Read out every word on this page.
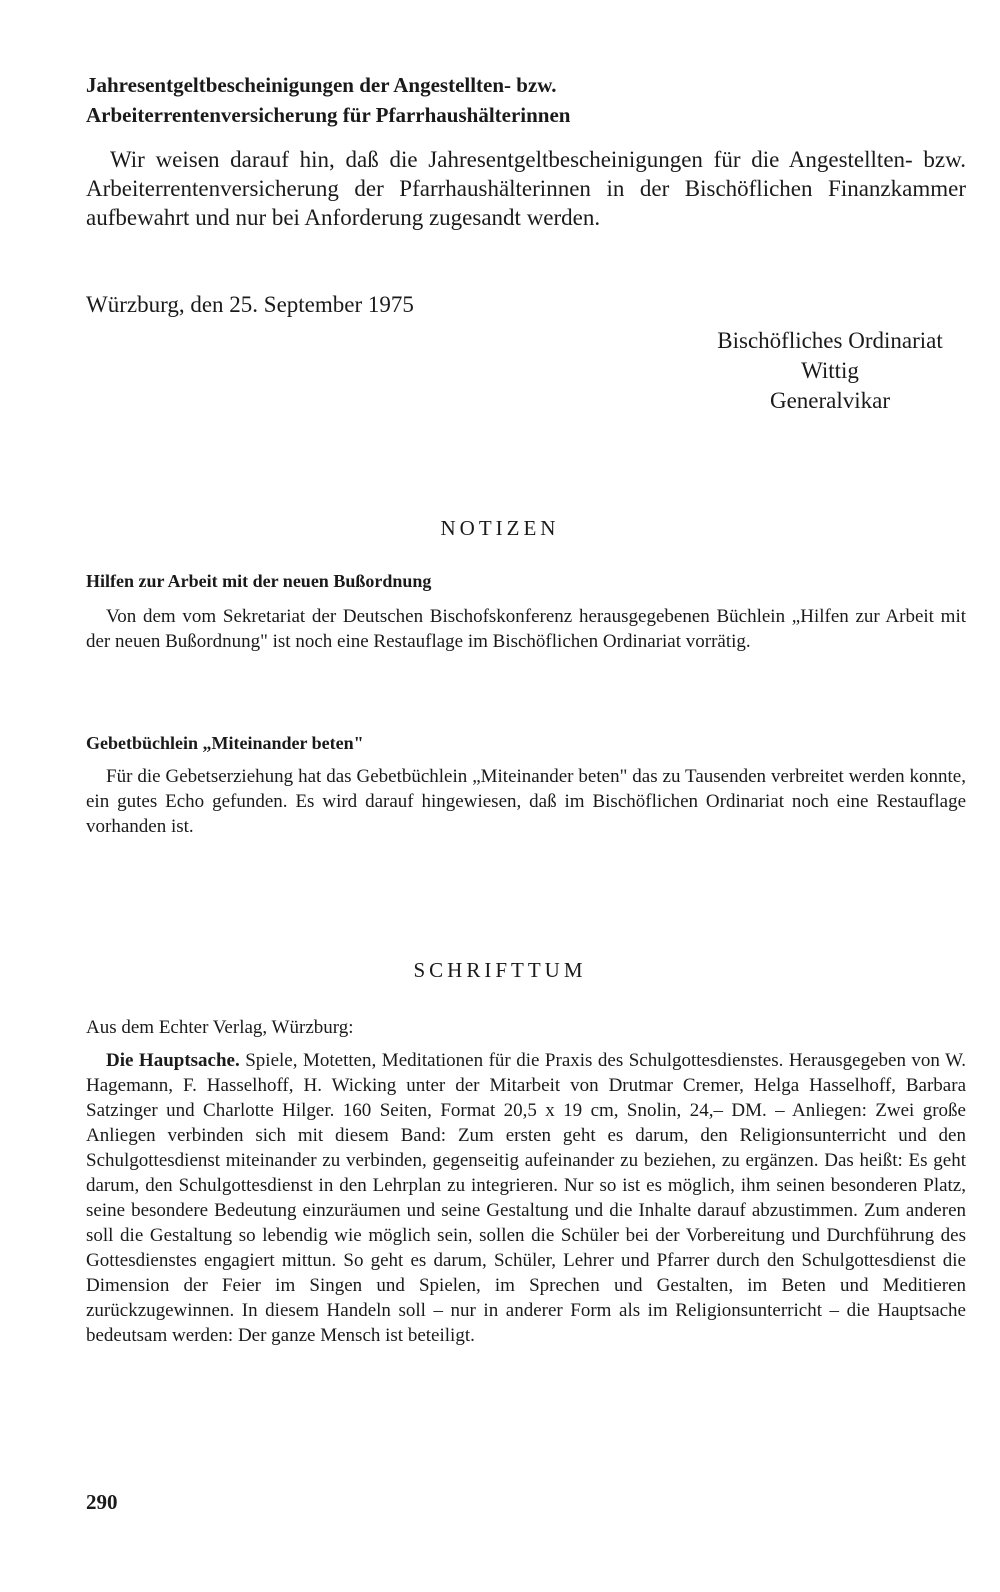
Jahresentgeltbescheinigungen der Angestellten- bzw.

Arbeiterrentenversicherung für Pfarrhaushälterinnen

Wir weisen darauf hin, daß die Jahresentgeltbescheinigungen für die Angestellten- bzw. Arbeiterrentenversicherung der Pfarrhaushälterinnen in der Bischöflichen Finanzkammer aufbewahrt und nur bei Anforderung zugesandt werden.

Würzburg, den 25. September 1975

Bischöfliches Ordinariat
Wittig
Generalvikar
NOTIZEN

Hilfen zur Arbeit mit der neuen Bußordnung

Von dem vom Sekretariat der Deutschen Bischofskonferenz herausgegebenen Büchlein „Hilfen zur Arbeit mit der neuen Bußordnung" ist noch eine Restauflage im Bischöflichen Ordinariat vorrätig.

Gebetbüchlein „Miteinander beten"

Für die Gebetserziehung hat das Gebetbüchlein „Miteinander beten" das zu Tausenden verbreitet werden konnte, ein gutes Echo gefunden. Es wird darauf hingewiesen, daß im Bischöflichen Ordinariat noch eine Restauflage vorhanden ist.

SCHRIFTTUM

Aus dem Echter Verlag, Würzburg:

Die Hauptsache. Spiele, Motetten, Meditationen für die Praxis des Schulgottesdienstes. Herausgegeben von W. Hagemann, F. Hasselhoff, H. Wicking unter der Mitarbeit von Drutmar Cremer, Helga Hasselhoff, Barbara Satzinger und Charlotte Hilger. 160 Seiten, Format 20,5 x 19 cm, Snolin, 24,– DM. – Anliegen: Zwei große Anliegen verbinden sich mit diesem Band: Zum ersten geht es darum, den Religionsunterricht und den Schulgottesdienst miteinander zu verbinden, gegenseitig aufeinander zu beziehen, zu ergänzen. Das heißt: Es geht darum, den Schulgottesdienst in den Lehrplan zu integrieren. Nur so ist es möglich, ihm seinen besonderen Platz, seine besondere Bedeutung einzuräumen und seine Gestaltung und die Inhalte darauf abzustimmen. Zum anderen soll die Gestaltung so lebendig wie möglich sein, sollen die Schüler bei der Vorbereitung und Durchführung des Gottesdienstes engagiert mittun. So geht es darum, Schüler, Lehrer und Pfarrer durch den Schulgottesdienst die Dimension der Feier im Singen und Spielen, im Sprechen und Gestalten, im Beten und Meditieren zurückzugewinnen. In diesem Handeln soll – nur in anderer Form als im Religionsunterricht – die Hauptsache bedeutsam werden: Der ganze Mensch ist beteiligt.

290
